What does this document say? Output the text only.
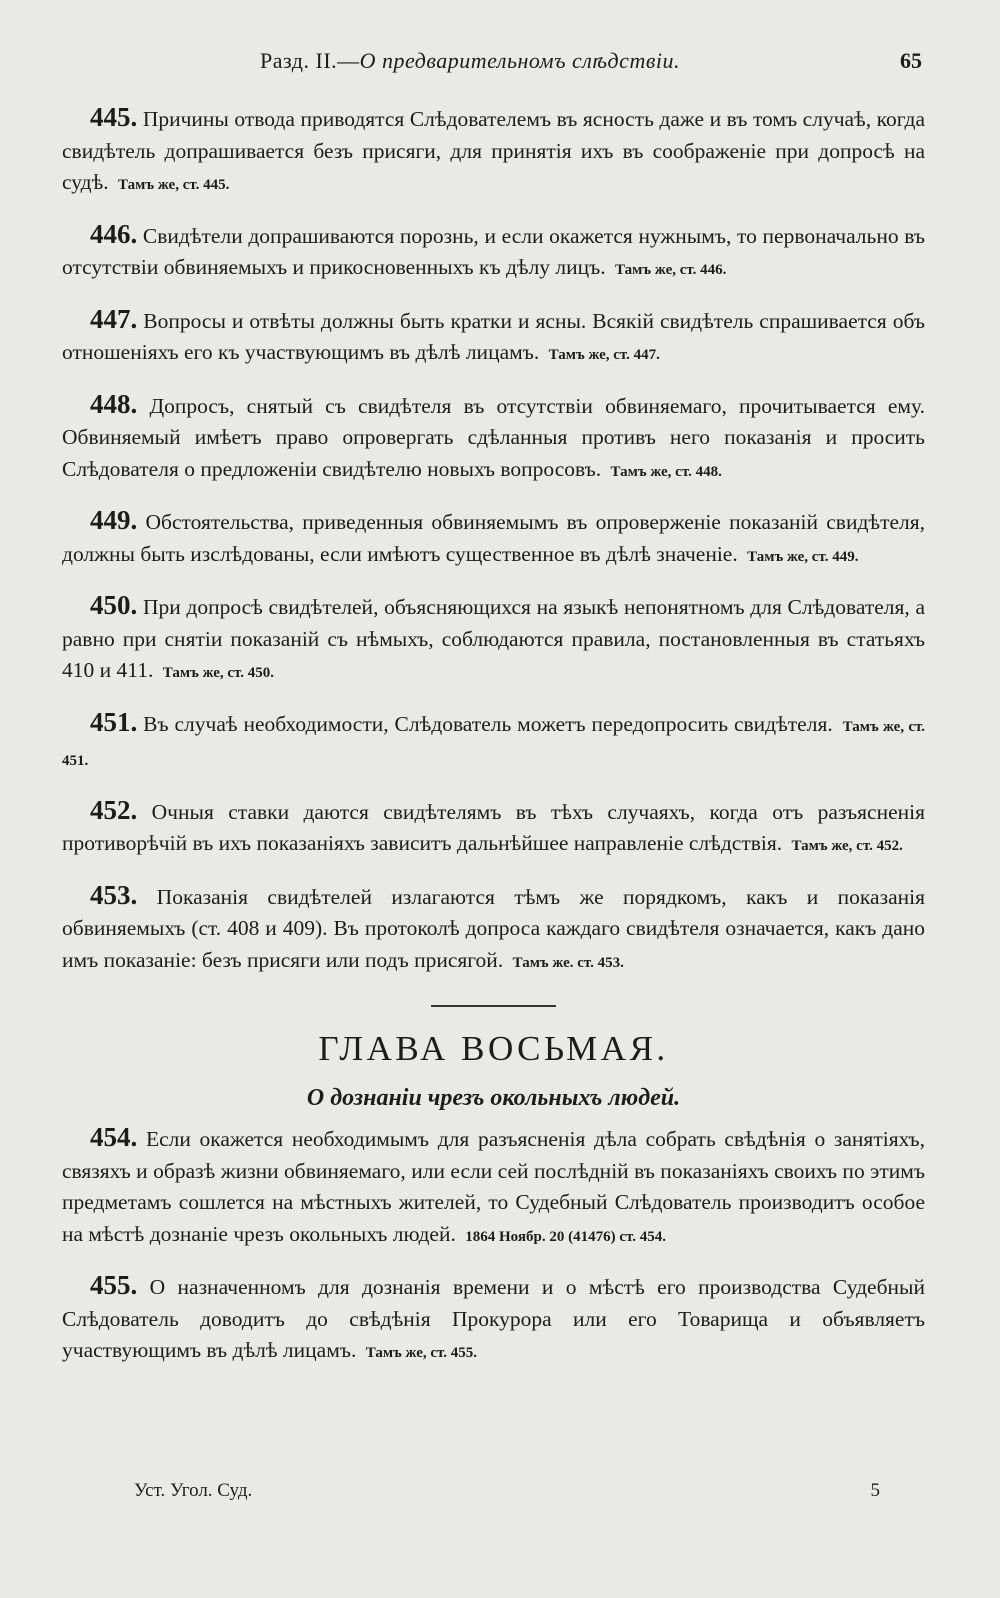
Разд. II.—О предварительномъ слѣдствіи.	65

445. Причины отвода приводятся Слѣдователемъ въ ясность даже и въ томъ случаѣ, когда свидѣтель допрашивается безъ присяги, для принятія ихъ въ соображеніе при допросѣ на судѣ. Тамъ же, ст. 445.

446. Свидѣтели допрашиваются порознь, и если окажется нужнымъ, то первоначально въ отсутствіи обвиняемыхъ и прикосновенныхъ къ дѣлу лицъ. Тамъ же, ст. 446.

447. Вопросы и отвѣты должны быть кратки и ясны. Всякій свидѣтель спрашивается объ отношеніяхъ его къ участвующимъ въ дѣлѣ лицамъ. Тамъ же, ст. 447.

448. Допросъ, снятый съ свидѣтеля въ отсутствіи обвиняемаго, прочитывается ему. Обвиняемый имѣетъ право опровергать сдѣланныя противъ него показанія и просить Слѣдователя о предложеніи свидѣтелю новыхъ вопросовъ. Тамъ же, ст. 448.

449. Обстоятельства, приведенныя обвиняемымъ въ опроверженіе показаній свидѣтеля, должны быть изслѣдованы, если имѣютъ существенное въ дѣлѣ значеніе. Тамъ же, ст. 449.

450. При допросѣ свидѣтелей, объясняющихся на языкѣ непонятномъ для Слѣдователя, а равно при снятіи показаній съ нѣмыхъ, соблюдаются правила, постановленныя въ статьяхъ 410 и 411. Тамъ же, ст. 450.

451. Въ случаѣ необходимости, Слѣдователь можетъ передопросить свидѣтеля. Тамъ же, ст. 451.

452. Очныя ставки даются свидѣтелямъ въ тѣхъ случаяхъ, когда отъ разъясненія противорѣчій въ ихъ показаніяхъ зависитъ дальнѣйшее направленіе слѣдствія. Тамъ же, ст. 452.

453. Показанія свидѣтелей излагаются тѣмъ же порядкомъ, какъ и показанія обвиняемыхъ (ст. 408 и 409). Въ протоколѣ допроса каждаго свидѣтеля означается, какъ дано имъ показаніе: безъ присяги или подъ присягой. Тамъ же. ст. 453.

ГЛАВА ВОСЬМАЯ.
О дознаніи чрезъ окольныхъ людей.

454. Если окажется необходимымъ для разъясненія дѣла собрать свѣдѣнія о занятіяхъ, связяхъ и образѣ жизни обвиняемаго, или если сей послѣдній въ показаніяхъ своихъ по этимъ предметамъ сошлется на мѣстныхъ жителей, то Судебный Слѣдователь производитъ особое на мѣстѣ дознаніе чрезъ окольныхъ людей. 1864 Ноябр. 20 (41476) ст. 454.

455. О назначенномъ для дознанія времени и о мѣстѣ его производства Судебный Слѣдователь доводитъ до свѣдѣнія Прокурора или его Товарища и объявляетъ участвующимъ въ дѣлѣ лицамъ. Тамъ же, ст. 455.

Уст. Угол. Суд.	5
